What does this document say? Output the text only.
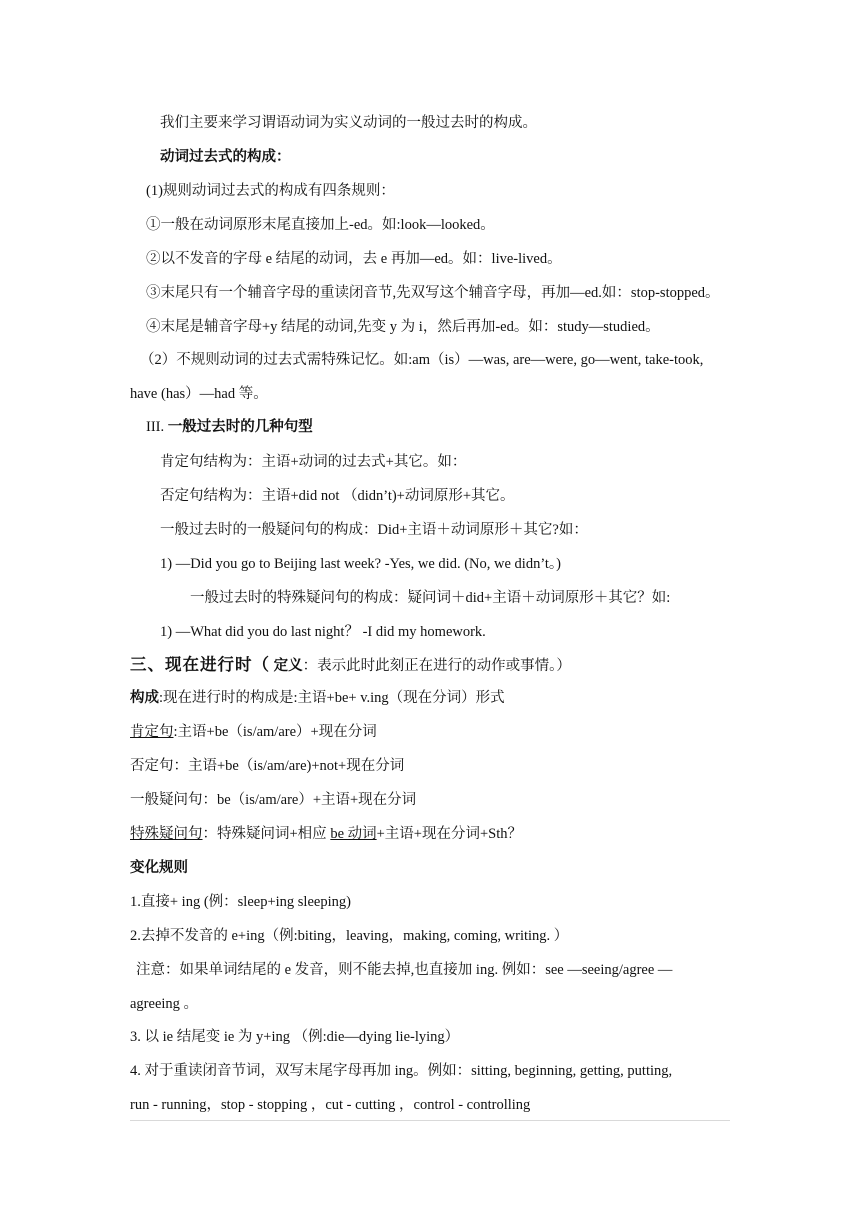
我们主要来学习谓语动词为实义动词的一般过去时的构成。
动词过去式的构成：
(1)规则动词过去式的构成有四条规则：
①一般在动词原形末尾直接加上-ed。如:look—looked。
②以不发音的字母 e 结尾的动词，去 e 再加—ed。如：live-lived。
③末尾只有一个辅音字母的重读闭音节,先双写这个辅音字母，再加—ed.如：stop-stopped。
④末尾是辅音字母+y 结尾的动词,先变 y 为 i，然后再加-ed。如：study—studied。
（2）不规则动词的过去式需特殊记忆。如:am（is）—was, are—were, go—went, take-took,
have (has）—had 等。
III. 一般过去时的几种句型
肯定句结构为：主语+动词的过去式+其它。如：
否定句结构为：主语+did not （didn’t)+动词原形+其它。
一般过去时的一般疑问句的构成：Did+主语＋动词原形＋其它?如：
1) —Did you go to Beijing last week? -Yes, we did. (No, we didn’t。)
一般过去时的特殊疑问句的构成：疑问词＋did+主语＋动词原形＋其它？如:
1) —What did you do last night？ -I did my homework.
三、现在进行时（ 定义：表示此时此刻正在进行的动作或事情。）
构成:现在进行时的构成是:主语+be+ v.ing（现在分词）形式
肯定句:主语+be（is/am/are）+现在分词
否定句：主语+be（is/am/are)+not+现在分词
一般疑问句：be（is/am/are）+主语+现在分词
特殊疑问句：特殊疑问词+相应 be 动词+主语+现在分词+Sth？
变化规则
1.直接+ ing (例：sleep+ing sleeping)
2.去掉不发音的 e+ing（例:biting，leaving，making, coming, writing. ）
注意：如果单词结尾的 e 发音，则不能去掉,也直接加 ing. 例如：see —seeing/agree —
agreeing 。
3. 以 ie 结尾变 ie 为 y+ing （例:die—dying lie-lying）
4. 对于重读闭音节词，双写末尾字母再加 ing。例如：sitting, beginning, getting, putting,
run - running，stop - stopping ，cut - cutting ，control - controlling
